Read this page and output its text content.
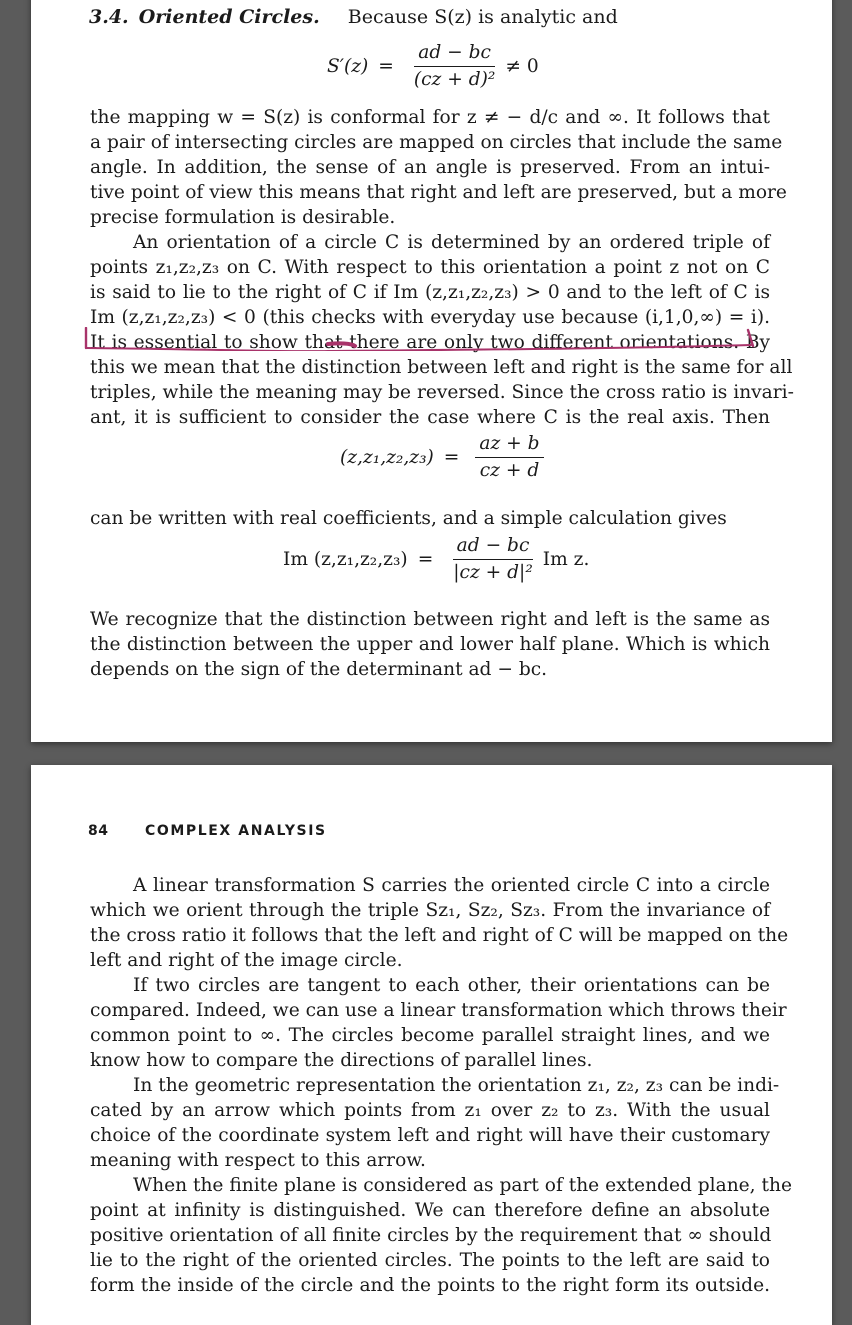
3.4. Oriented Circles. Because S(z) is analytic and
$S'(z) = \frac{ad - bc}{\text{(cz + d)²}} \ne 0$
the mapping w = S(z) is conformal for z ≠ − d/c and ∞. It follows that
a pair of intersecting circles are mapped on circles that include the same
angle. In addition, the sense of an angle is preserved. From an intui-
tive point of view this means that right and left are preserved, but a more
precise formulation is desirable.
An orientation of a circle C is determined by an ordered triple of
points z₁,z₂,z₃ on C. With respect to this orientation a point z not on C
is said to lie to the right of C if Im (z,z₁,z₂,z₃) > 0 and to the left of C is
Im (z,z₁,z₂,z₃) < 0 (this checks with everyday use because (i,1,0,∞) = i).
It is essential to show that there are only two different orientations. By
this we mean that the distinction between left and right is the same for all
triples, while the meaning may be reversed. Since the cross ratio is invari-
ant, it is sufficient to consider the case where C is the real axis. Then
$(z,z_1,z_2,z_3) = \frac{az + b}{cz + d}$
can be written with real coefficients, and a simple calculation gives
Im $(z,z_1,z_2,z_3) = \frac{ad - bc}{\text{|cz + d|²}}$ Im z.
We recognize that the distinction between right and left is the same as
the distinction between the upper and lower half plane. Which is which
depends on the sign of the determinant ad − bc.
84	COMPLEX ANALYSIS
A linear transformation S carries the oriented circle C into a circle
which we orient through the triple Sz₁, Sz₂, Sz₃. From the invariance of
the cross ratio it follows that the left and right of C will be mapped on the
left and right of the image circle.
If two circles are tangent to each other, their orientations can be
compared. Indeed, we can use a linear transformation which throws their
common point to ∞. The circles become parallel straight lines, and we
know how to compare the directions of parallel lines.
In the geometric representation the orientation z₁, z₂, z₃ can be indi-
cated by an arrow which points from z₁ over z₂ to z₃. With the usual
choice of the coordinate system left and right will have their customary
meaning with respect to this arrow.
When the finite plane is considered as part of the extended plane, the
point at infinity is distinguished. We can therefore define an absolute
positive orientation of all finite circles by the requirement that ∞ should
lie to the right of the oriented circles. The points to the left are said to
form the inside of the circle and the points to the right form its outside.
